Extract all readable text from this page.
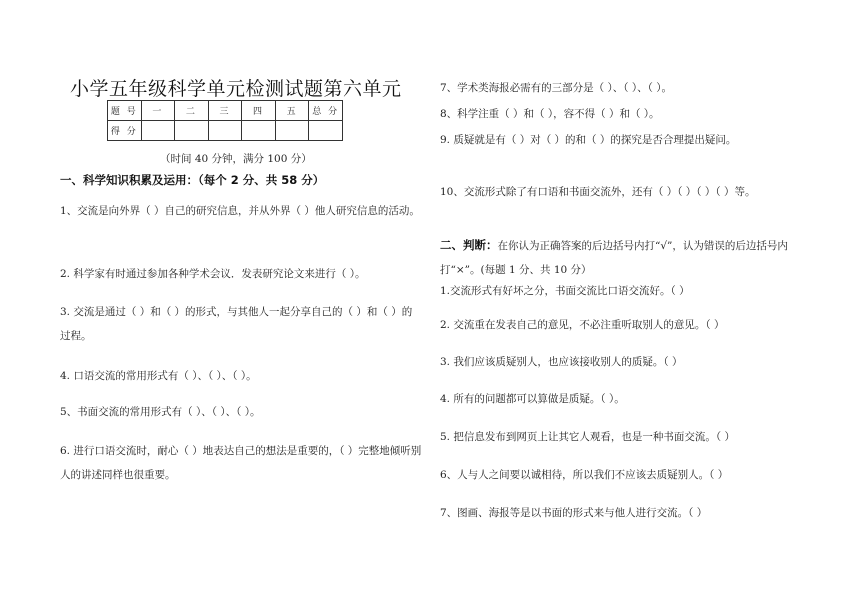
小学五年级科学单元检测试题第六单元
题 号	一	二	三	四	五	总 分
得 分						
（时间 40 分钟，满分 100 分）
一、科学知识积累及运用：（每个 2 分、共 58 分）
1、交流是向外界（ ）自己的研究信息，并从外界（ ）他人研究信息的活动。
2. 科学家有时通过参加各种学术会议．发表研究论文来进行（ ）。
3. 交流是通过（ ）和（ ）的形式，与其他人一起分享自己的（ ）和（ ）的过程。
4. 口语交流的常用形式有（ ）、（ ）、（ ）。
5、书面交流的常用形式有（ ）、（ ）、（ ）。
6. 进行口语交流时，耐心（ ）地表达自己的想法是重要的，（ ）完整地倾听别人的讲述同样也很重要。
7、学术类海报必需有的三部分是（ ）、（ ）、（ ）。
8、科学注重（ ）和（ ），容不得（ ）和（ ）。
9. 质疑就是有（ ）对（ ）的和（ ）的探究是否合理提出疑问。
10、交流形式除了有口语和书面交流外，还有（ ）（ ）（ ）（ ）等。
二、判断：在你认为正确答案的后边括号内打“√”，认为错误的后边括号内打“×”。(每题 1 分、共 10 分）
1.交流形式有好坏之分，书面交流比口语交流好。（ ）
2. 交流重在发表自己的意见，不必注重听取别人的意见。（ ）
3. 我们应该质疑别人，也应该接收别人的质疑。（ ）
4. 所有的问题都可以算做是质疑。（ ）。
5. 把信息发布到网页上让其它人观看，也是一种书面交流。（ ）
6、人与人之间要以诚相待，所以我们不应该去质疑别人。（ ）
7、图画、海报等是以书面的形式来与他人进行交流。（ ）
